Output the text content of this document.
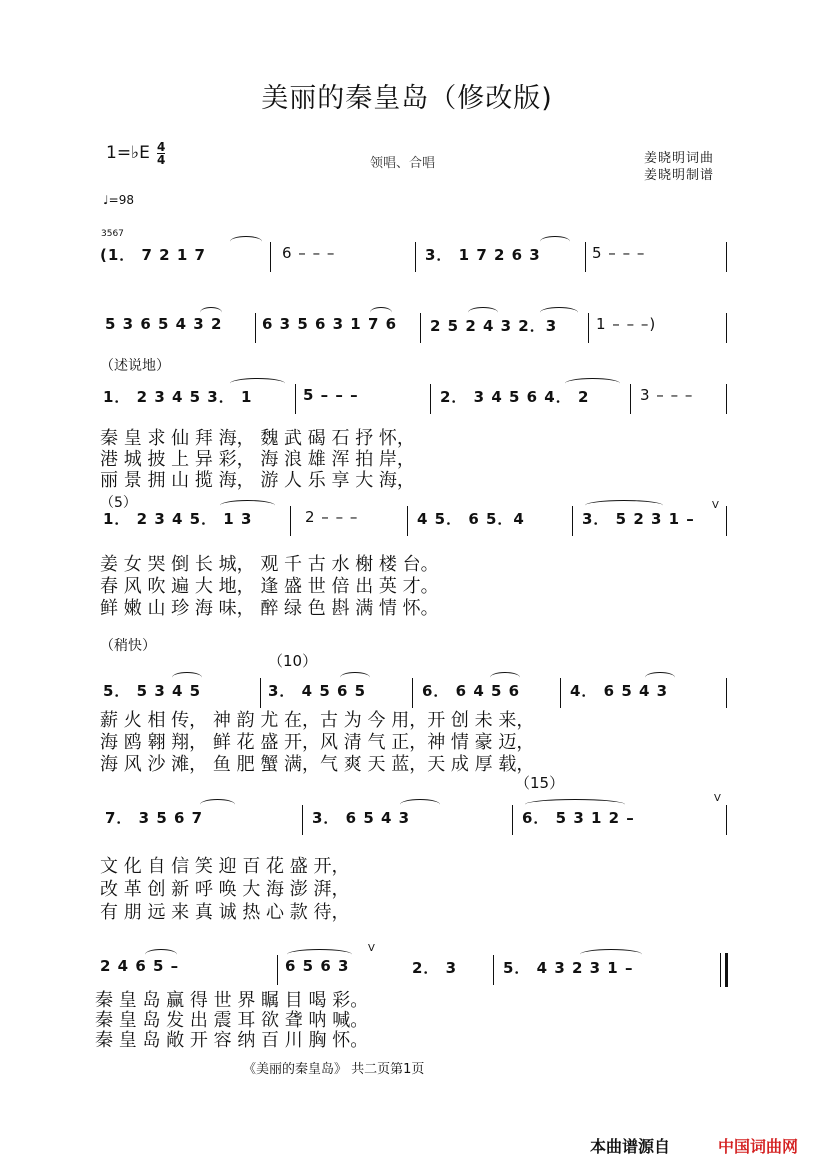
美丽的秦皇岛（修改版)
1=♭E 4
4	领唱、合唱	姜晓明词曲
姜晓明制谱
♩=98
3567
(1． 7 2 1 7	6 – – –	3． 1 7 2 6 3	5 – – –
5 3 6 5 4 3 2	6 3 5 6 3 1 7 6 2 5 2 4 3 2．3	1 – – –)
（述说地）
1． 2 3 4 5 3． 1	5 – – –	2． 3 4 5 6 4． 2	3 – – –
秦 皇 求 仙 拜 海， 魏 武 碣 石 抒 怀，
港 城 披 上 异 彩， 海 浪 雄 浑 拍 岸，
丽 景 拥 山 揽 海， 游 人 乐 享 大 海，
（5）
1． 2 3 4 5． 1 3	2 – – –	4 5． 6 5．4	3． 5 2 3 1 –
V
姜 女 哭 倒 长 城， 观 千 古 水 榭 楼 台。
春 风 吹 遍 大 地， 逢 盛 世 倍 出 英 才。
鲜 嫩 山 珍 海 味， 醉 绿 色 斟 满 情 怀。
（稍快）
（10）
5． 5 3 4 5	3． 4 5 6 5	6． 6 4 5 6	4． 6 5 4 3
薪 火 相 传， 神 韵 尤 在，古 为 今 用，开 创 未 来，
海 鸥 翱 翔， 鲜 花 盛 开，风 清 气 正，神 情 豪 迈，
海 风 沙 滩， 鱼 肥 蟹 满，气 爽 天 蓝，天 成 厚 载，
（15）
7． 3 5 6 7	3． 6 5 4 3	6． 5 3 1 2 –
V
文 化 自 信 笑 迎 百 花 盛 开，
改 革 创 新 呼 唤 大 海 澎 湃，
有 朋 远 来 真 诚 热 心 款 待，
2 4 6 5 –	6 5 6 3
V
2． 3	5． 4 3 2 3 1 –
秦 皇 岛 赢 得 世 界 瞩 目 喝 彩。
秦 皇 岛 发 出 震 耳 欲 聋 呐 喊。
秦 皇 岛 敞 开 容 纳 百 川 胸 怀。
《美丽的秦皇岛》 共二页第1页
本曲谱源自	中国词曲网
